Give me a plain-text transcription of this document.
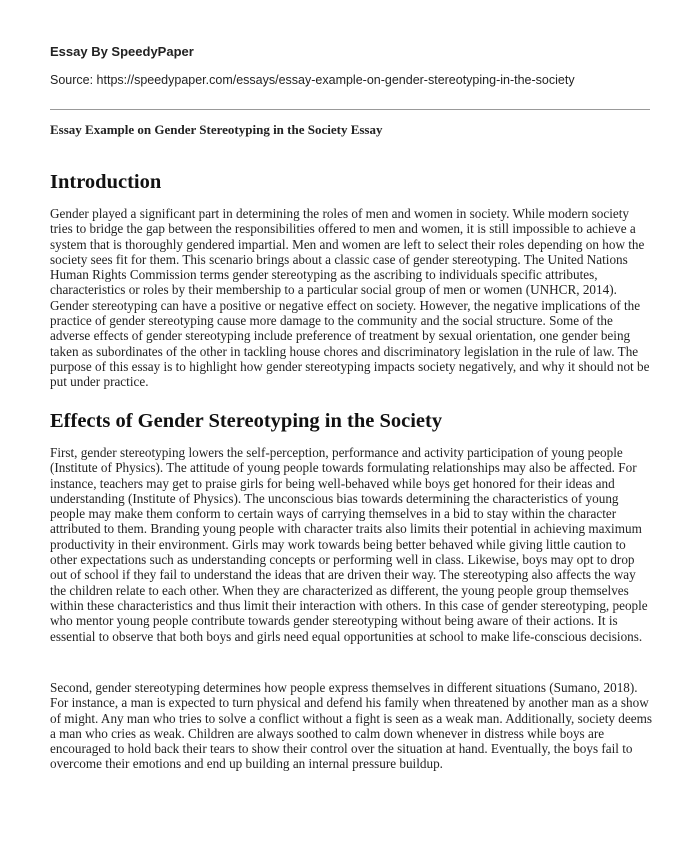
Essay By SpeedyPaper
Source: https://speedypaper.com/essays/essay-example-on-gender-stereotyping-in-the-society
Essay Example on Gender Stereotyping in the Society Essay
Introduction

Gender played a significant part in determining the roles of men and women in society. While modern society tries to bridge the gap between the responsibilities offered to men and women, it is still impossible to achieve a system that is thoroughly gendered impartial. Men and women are left to select their roles depending on how the society sees fit for them. This scenario brings about a classic case of gender stereotyping. The United Nations Human Rights Commission terms gender stereotyping as the ascribing to individuals specific attributes, characteristics or roles by their membership to a particular social group of men or women (UNHCR, 2014). Gender stereotyping can have a positive or negative effect on society. However, the negative implications of the practice of gender stereotyping cause more damage to the community and the social structure. Some of the adverse effects of gender stereotyping include preference of treatment by sexual orientation, one gender being taken as subordinates of the other in tackling house chores and discriminatory legislation in the rule of law. The purpose of this essay is to highlight how gender stereotyping impacts society negatively, and why it should not be put under practice.

Effects of Gender Stereotyping in the Society

First, gender stereotyping lowers the self-perception, performance and activity participation of young people (Institute of Physics). The attitude of young people towards formulating relationships may also be affected. For instance, teachers may get to praise girls for being well-behaved while boys get honored for their ideas and understanding (Institute of Physics). The unconscious bias towards determining the characteristics of young people may make them conform to certain ways of carrying themselves in a bid to stay within the character attributed to them. Branding young people with character traits also limits their potential in achieving maximum productivity in their environment. Girls may work towards being better behaved while giving little caution to other expectations such as understanding concepts or performing well in class. Likewise, boys may opt to drop out of school if they fail to understand the ideas that are driven their way. The stereotyping also affects the way the children relate to each other. When they are characterized as different, the young people group themselves within these characteristics and thus limit their interaction with others. In this case of gender stereotyping, people who mentor young people contribute towards gender stereotyping without being aware of their actions. It is essential to observe that both boys and girls need equal opportunities at school to make life-conscious decisions.

Second, gender stereotyping determines how people express themselves in different situations (Sumano, 2018). For instance, a man is expected to turn physical and defend his family when threatened by another man as a show of might. Any man who tries to solve a conflict without a fight is seen as a weak man. Additionally, society deems a man who cries as weak. Children are always soothed to calm down whenever in distress while boys are encouraged to hold back their tears to show their control over the situation at hand. Eventually, the boys fail to overcome their emotions and end up building an internal pressure buildup.
